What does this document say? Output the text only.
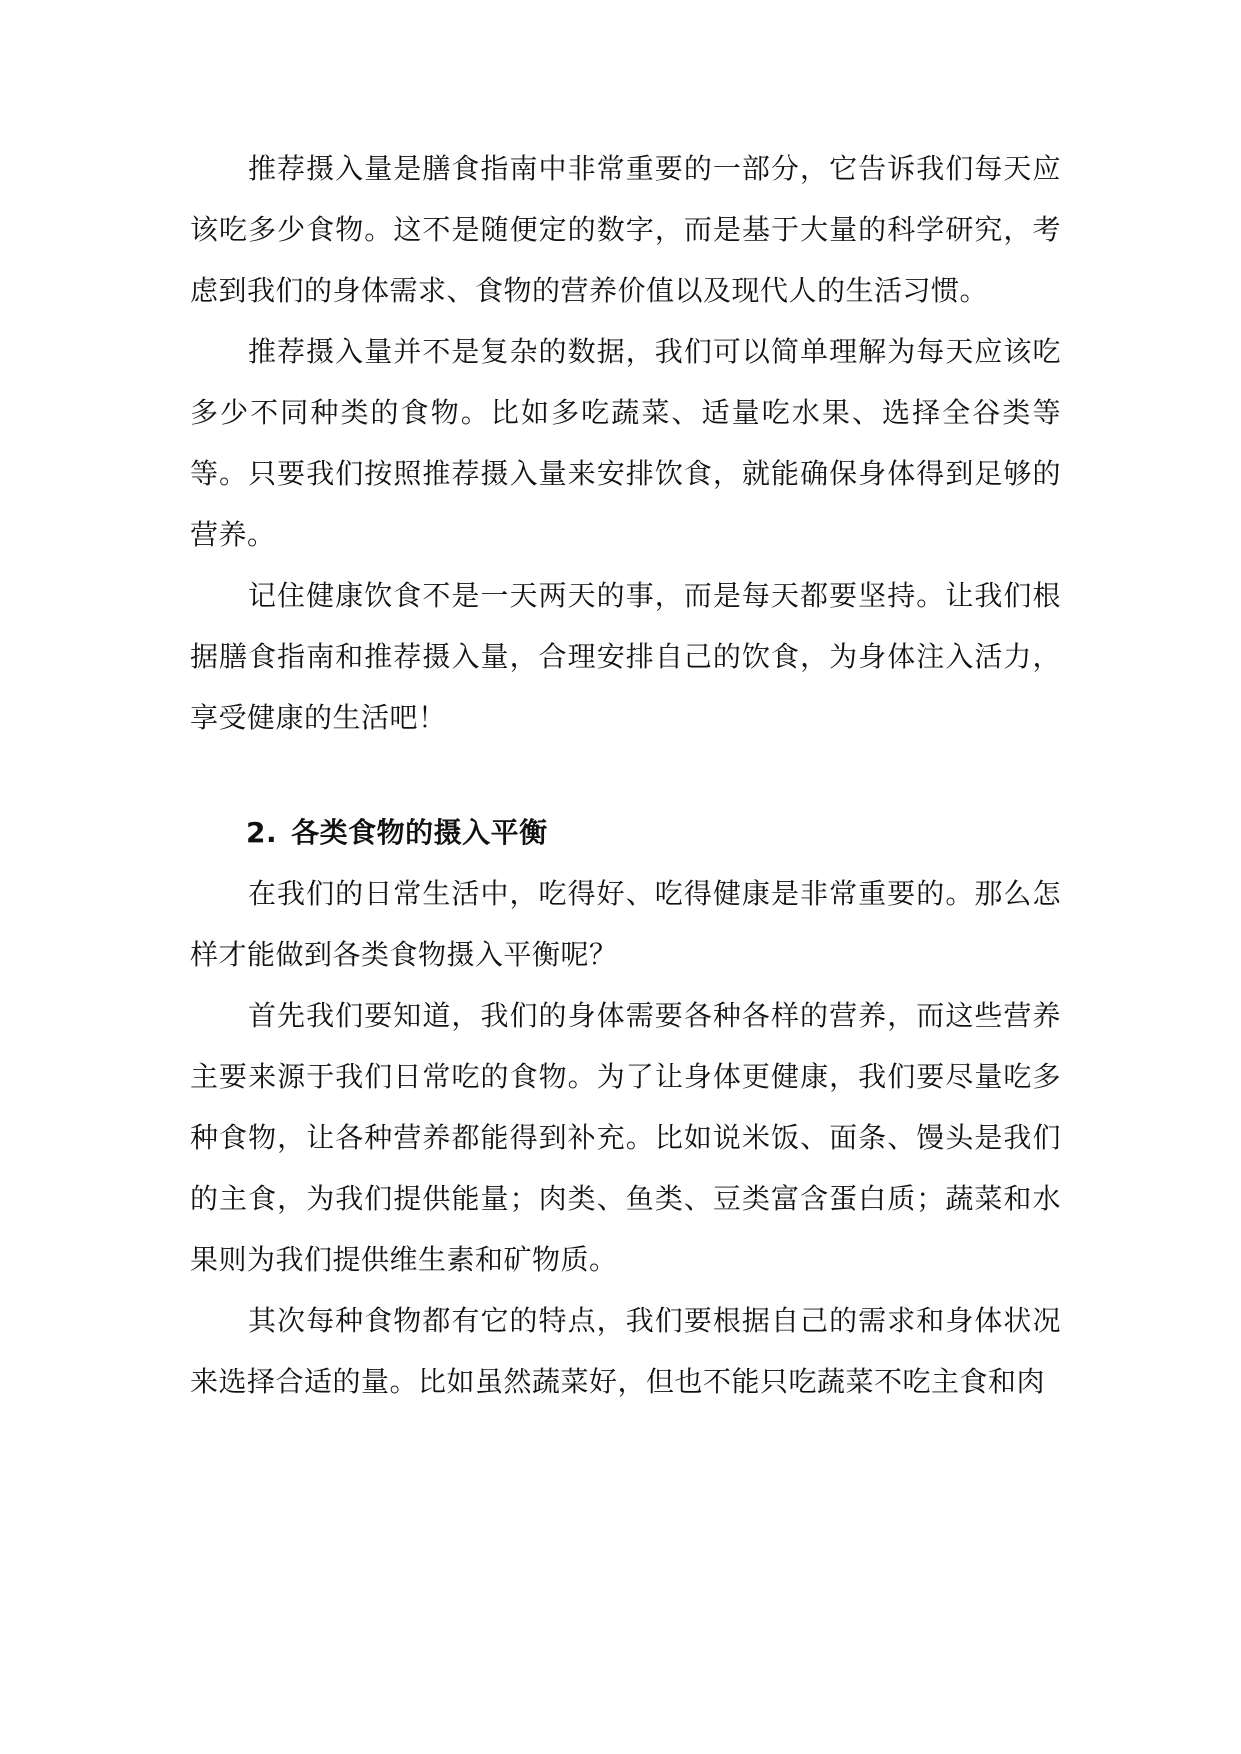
推荐摄入量是膳食指南中非常重要的一部分，它告诉我们每天应该吃多少食物。这不是随便定的数字，而是基于大量的科学研究，考虑到我们的身体需求、食物的营养价值以及现代人的生活习惯。

推荐摄入量并不是复杂的数据，我们可以简单理解为每天应该吃多少不同种类的食物。比如多吃蔬菜、适量吃水果、选择全谷类等等。只要我们按照推荐摄入量来安排饮食，就能确保身体得到足够的营养。

记住健康饮食不是一天两天的事，而是每天都要坚持。让我们根据膳食指南和推荐摄入量，合理安排自己的饮食，为身体注入活力，享受健康的生活吧！

2. 各类食物的摄入平衡

在我们的日常生活中，吃得好、吃得健康是非常重要的。那么怎样才能做到各类食物摄入平衡呢？

首先我们要知道，我们的身体需要各种各样的营养，而这些营养主要来源于我们日常吃的食物。为了让身体更健康，我们要尽量吃多种食物，让各种营养都能得到补充。比如说米饭、面条、馒头是我们的主食，为我们提供能量；肉类、鱼类、豆类富含蛋白质；蔬菜和水果则为我们提供维生素和矿物质。

其次每种食物都有它的特点，我们要根据自己的需求和身体状况来选择合适的量。比如虽然蔬菜好，但也不能只吃蔬菜不吃主食和肉
